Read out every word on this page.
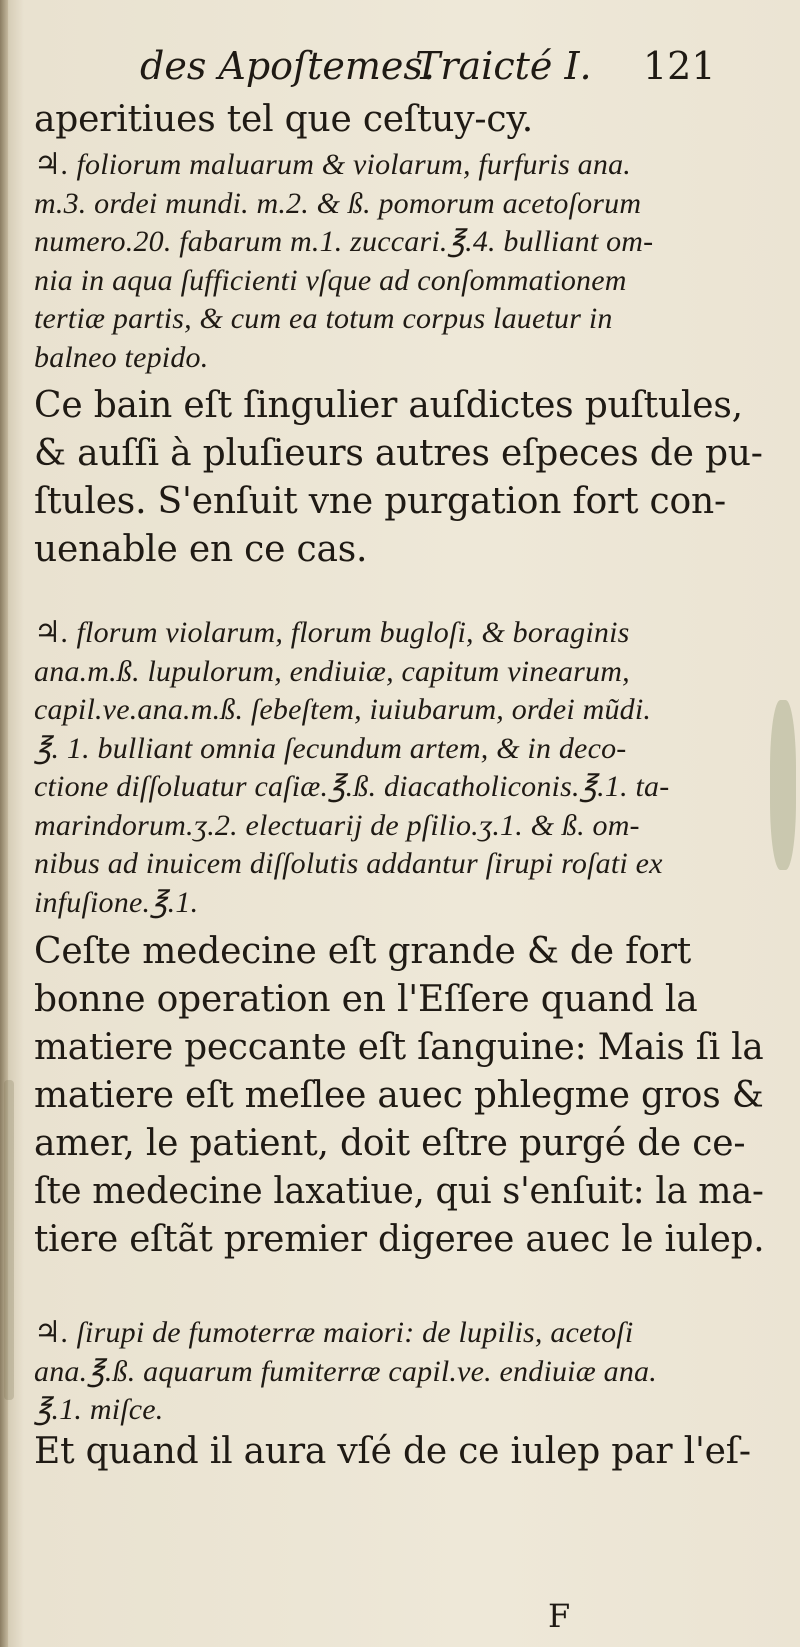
des Apoſtemes.
Traicté I. 121
aperitiues tel que ceſtuy-cy.
♃. foliorum maluarum & violarum, furfuris ana.
m.3. ordei mundi. m.2. & ß. pomorum acetoſorum
numero.20. fabarum m.1. zuccari.℥.4. bulliant om-
nia in aqua ſufficienti vſque ad conſommationem
tertiæ partis, & cum ea totum corpus lauetur in
balneo tepido.
Ce bain eſt ſingulier auſdictes puſtules,
& auſſi à pluſieurs autres eſpeces de pu-
ſtules. S'enſuit vne purgation fort con-
uenable en ce cas.
♃. florum violarum, florum bugloſi, & boraginis
ana.m.ß. lupulorum, endiuiæ, capitum vinearum,
capil.ve.ana.m.ß. ſebeſtem, iuiubarum, ordei mũdi.
℥. 1. bulliant omnia ſecundum artem, & in deco-
ctione diſſoluatur caſiæ.℥.ß. diacatholiconis.℥.1. ta-
marindorum.ʒ.2. electuarij de pſilio.ʒ.1. & ß. om-
nibus ad inuicem diſſolutis addantur ſirupi roſati ex
infuſione.℥.1.
Ceſte medecine eſt grande & de fort
bonne operation en l'Eſſere quand la
matiere peccante eſt ſanguine: Mais ſi la
matiere eſt meſlee auec phlegme gros &
amer, le patient, doit eſtre purgé de ce-
ſte medecine laxatiue, qui s'enſuit: la ma-
tiere eſtãt premier digeree auec le iulep.
♃. ſirupi de fumoterræ maiori: de lupilis, acetoſi
ana.℥.ß. aquarum fumiterræ capil.ve. endiuiæ ana.
℥.1. miſce.
Et quand il aura vſé de ce iulep par l'eſ-
F
